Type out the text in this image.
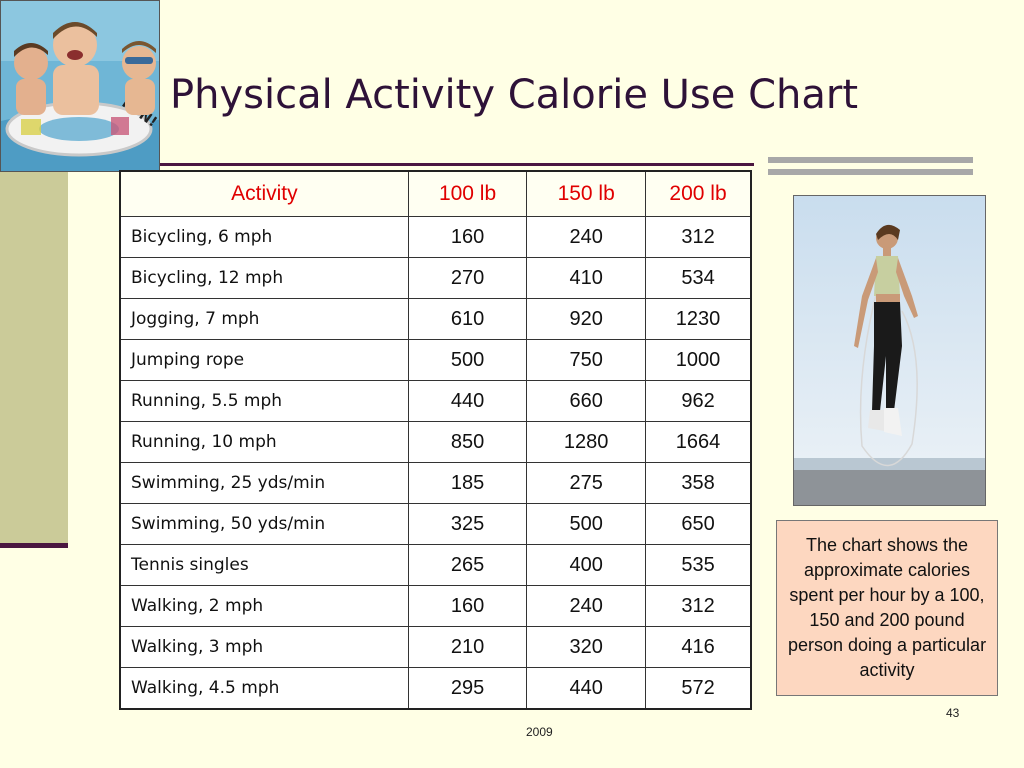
Physical Activity Calorie Use Chart
Activity	100 lb	150 lb	200 lb
Bicycling, 6 mph	160	240	312
Bicycling, 12 mph	270	410	534
Jogging, 7 mph	610	920	1230
Jumping rope	500	750	1000
Running, 5.5 mph	440	660	962
Running, 10 mph	850	1280	1664
Swimming, 25 yds/min	185	275	358
Swimming, 50 yds/min	325	500	650
Tennis singles	265	400	535
Walking, 2 mph	160	240	312
Walking, 3 mph	210	320	416
Walking, 4.5 mph	295	440	572
The chart shows the approximate calories spent per hour by a 100, 150 and 200 pound person doing a particular activity
43
2009
